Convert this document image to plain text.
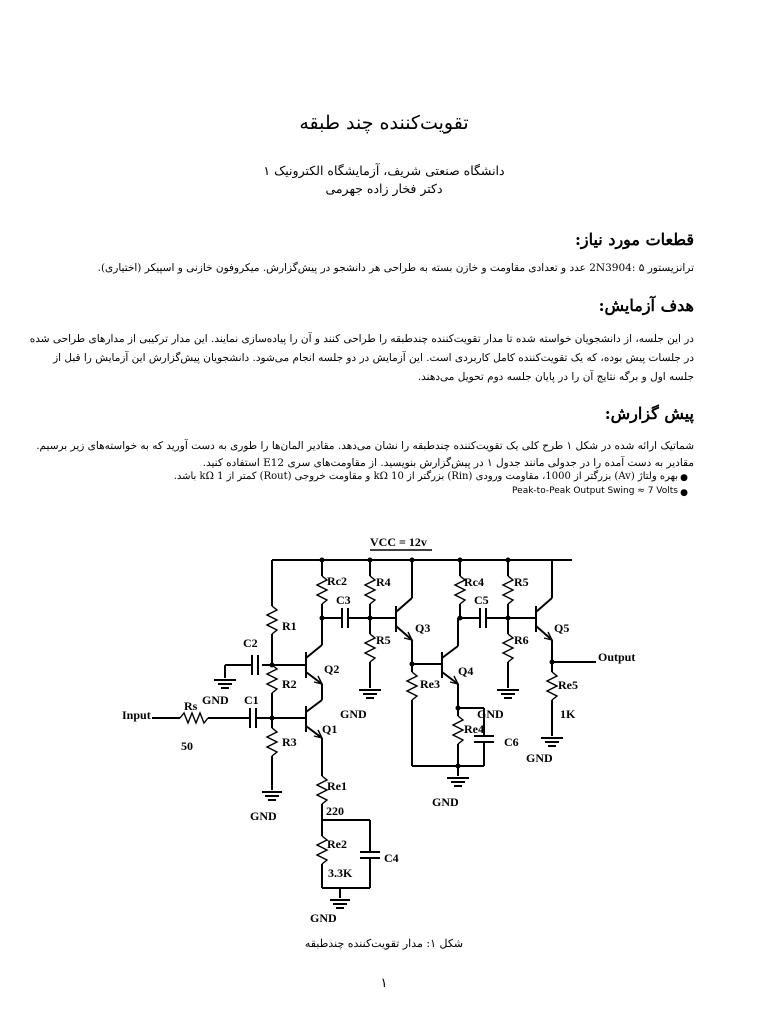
تقویت‌کننده چند طبقه
دانشگاه صنعتی شریف، آزمایشگاه الکترونیک ۱
دکتر فخار زاده جهرمی
قطعات مورد نیاز:
ترانزیستور 2N3904: ۵ عدد و تعدادی مقاومت و خازن بسته به طراحی هر دانشجو در پیش‌گزارش. میکروفون خازنی و اسپیکر (اختیاری).
هدف آزمایش:
در این جلسه، از دانشجویان خواسته شده تا مدار تقویت‌کننده چندطبقه را طراحی کنند و آن را پیاده‌سازی نمایند. این مدار ترکیبی از مدارهای طراحی شده
در جلسات پیش بوده، که یک تقویت‌کننده کامل کاربردی است. این آزمایش در دو جلسه انجام می‌شود. دانشجویان پیش‌گزارش این آزمایش را قبل از
جلسه اول و برگه نتایج آن را در پایان جلسه دوم تحویل می‌دهند.
پیش گزارش:
شماتیک ارائه شده در شکل ۱ طرح کلی یک تقویت‌کننده چندطبقه را نشان می‌دهد. مقادیر المان‌ها را طوری به دست آورید که به خواسته‌های زیر برسیم.
مقادیر به دست آمده را در جدولی مانند جدول ۱ در پیش‌گزارش بنویسید. از مقاومت‌های سری E12 استفاده کنید.
●
بهره ولتاژ (Av) بزرگتر از 1000، مقاومت ورودی (Rin) بزرگتر از 10 kΩ و مقاومت خروجی (Rout) کمتر از 1 kΩ باشد.
●
Peak-to-Peak Output Swing ≈ 7 Volts
VCC = 12v
R1
R2
R3
GND
C2
GND
Input
Rs
50
C1
Q1
Q2
Rc2
C3
Re1
220
Re2
3.3K
C4
GND
R4
R5
GND
Q3
Re3
Q4
Rc4
C5
Re4
C6
GND
GND
R5
R6
Q5
Output
Re5
1K
GND
شکل ۱: مدار تقویت‌کننده چندطبقه
۱
